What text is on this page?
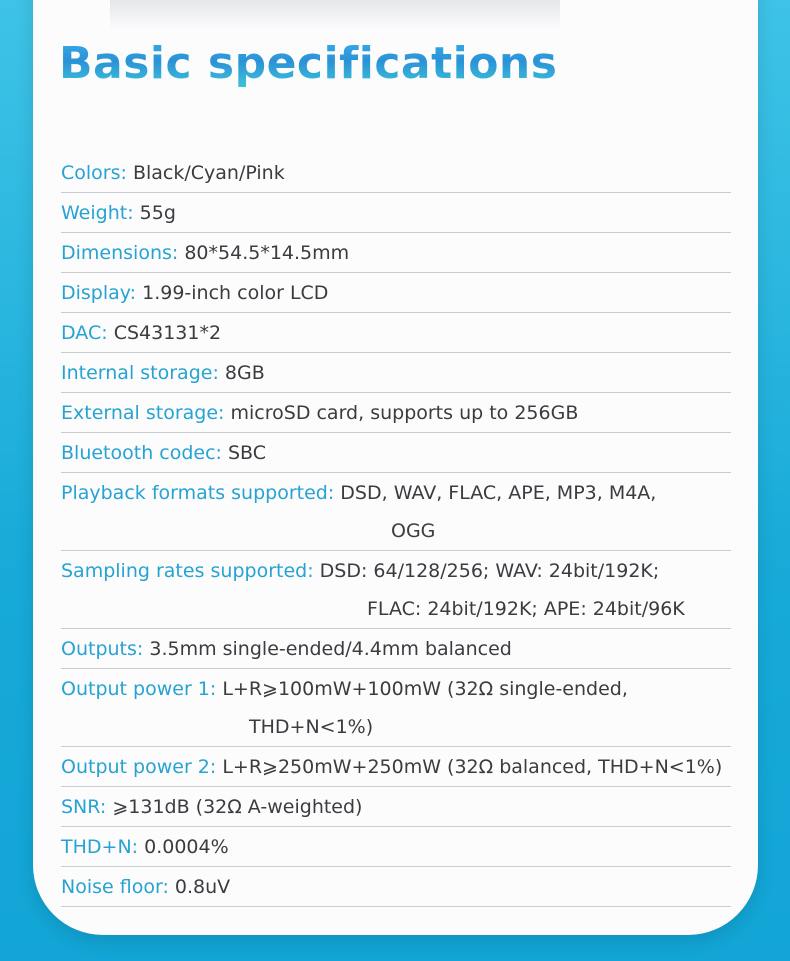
Basic specifications
Colors: Black/Cyan/Pink
Weight: 55g
Dimensions: 80*54.5*14.5mm
Display: 1.99-inch color LCD
DAC: CS43131*2
Internal storage: 8GB
External storage: microSD card, supports up to 256GB
Bluetooth codec: SBC
Playback formats supported: DSD, WAV, FLAC, APE, MP3, M4A,
OGG
Sampling rates supported: DSD: 64/128/256; WAV: 24bit/192K;
FLAC: 24bit/192K; APE: 24bit/96K
Outputs: 3.5mm single-ended/4.4mm balanced
Output power 1: L+R⩾100mW+100mW (32Ω single-ended,
THD+N<1%)
Output power 2: L+R⩾250mW+250mW (32Ω balanced, THD+N<1%)
SNR: ⩾131dB (32Ω A-weighted)
THD+N: 0.0004%
Noise floor: 0.8uV
